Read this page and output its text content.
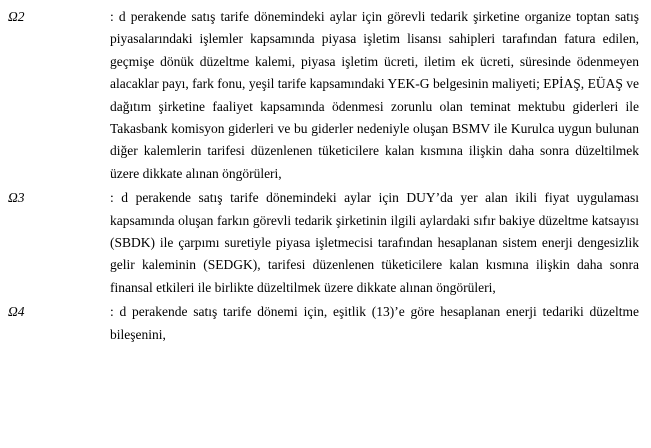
Ω2	: d perakende satış tarife dönemindeki aylar için görevli tedarik şirketine organize toptan satış piyasalarındaki işlemler kapsamında piyasa işletim lisansı sahipleri tarafından fatura edilen, geçmişe dönük düzeltme kalemi, piyasa işletim ücreti, iletim ek ücreti, süresinde ödenmeyen alacaklar payı, fark fonu, yeşil tarife kapsamındaki YEK-G belgesinin maliyeti; EPİAŞ, EÜAŞ ve dağıtım şirketine faaliyet kapsamında ödenmesi zorunlu olan teminat mektubu giderleri ile Takasbank komisyon giderleri ve bu giderler nedeniyle oluşan BSMV ile Kurulca uygun bulunan diğer kalemlerin tarifesi düzenlenen tüketicilere kalan kısmına ilişkin daha sonra düzeltilmek üzere dikkate alınan öngörüleri,

Ω3	: d perakende satış tarife dönemindeki aylar için DUY’da yer alan ikili fiyat uygulaması kapsamında oluşan farkın görevli tedarik şirketinin ilgili aylardaki sıfır bakiye düzeltme katsayısı (SBDK) ile çarpımı suretiyle piyasa işletmecisi tarafından hesaplanan sistem enerji dengesizlik gelir kaleminin (SEDGK), tarifesi düzenlenen tüketicilere kalan kısmına ilişkin daha sonra finansal etkileri ile birlikte düzeltilmek üzere dikkate alınan öngörüleri,

Ω4	: d perakende satış tarife dönemi için, eşitlik (13)’e göre hesaplanan enerji tedariki düzeltme bileşenini,
